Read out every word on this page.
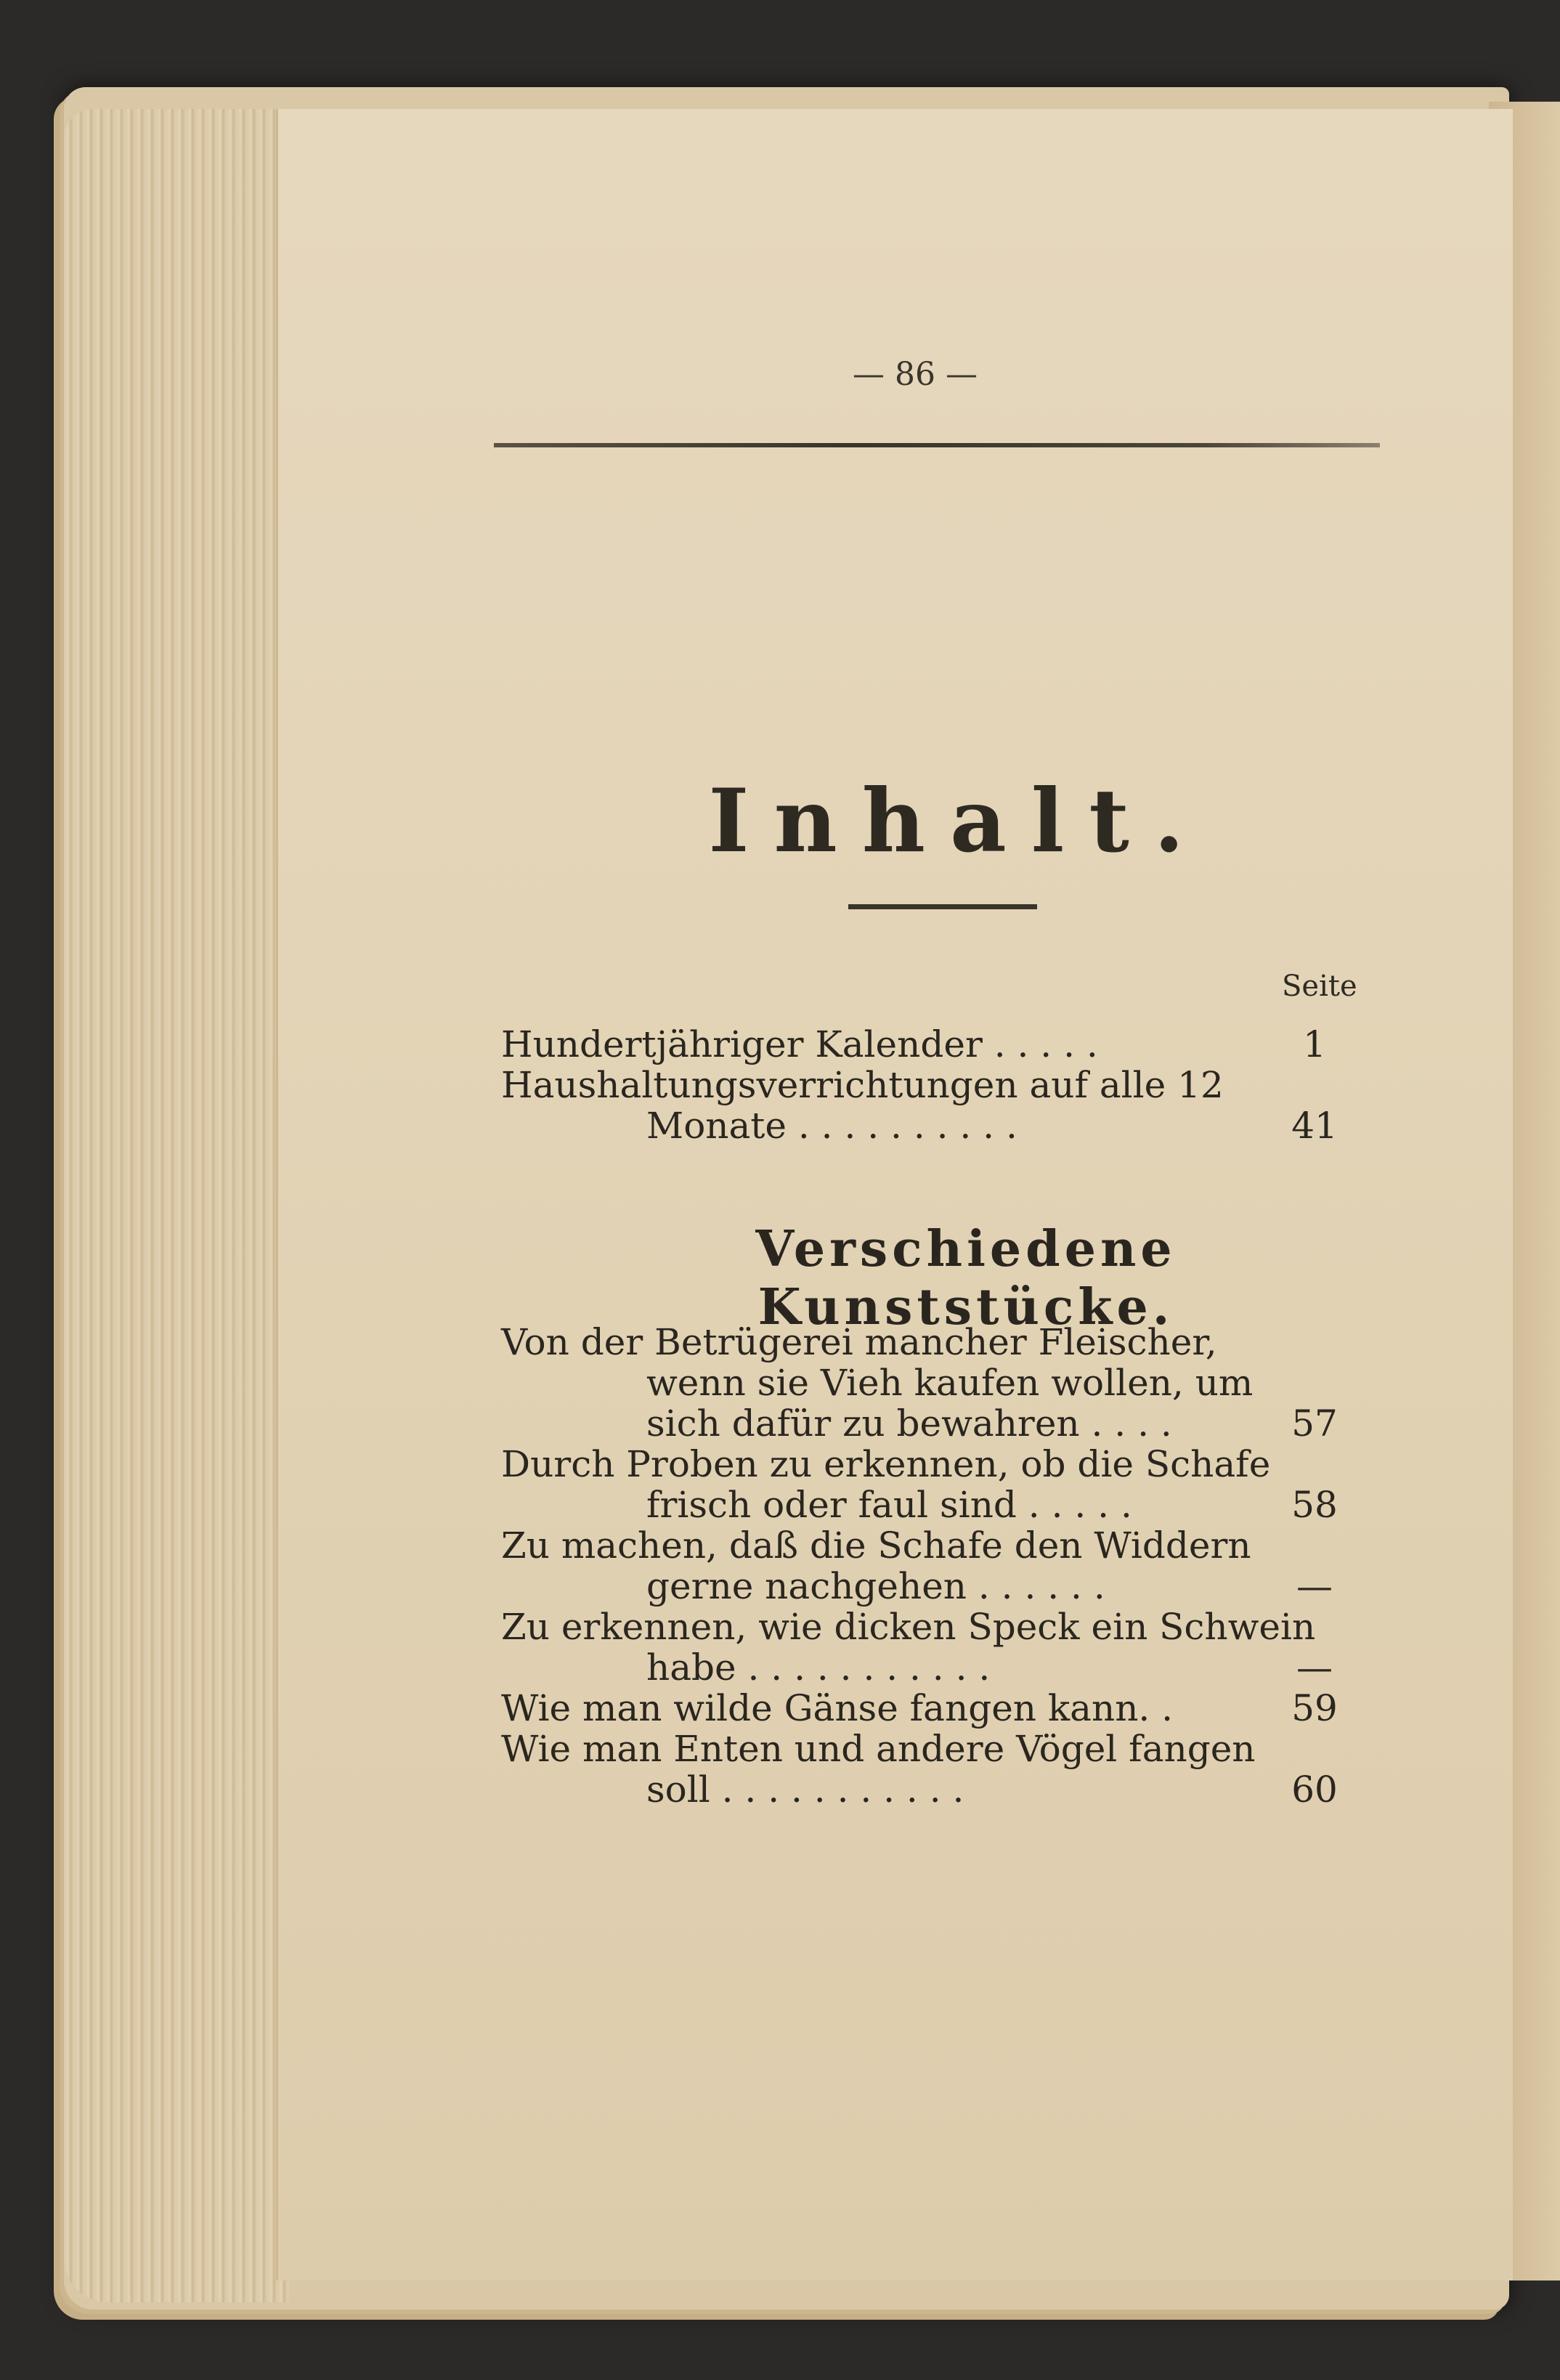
— 86 —
Inhalt.
Seite
Hundertjähriger Kalender . . . . .	1
Haushaltungsverrichtungen auf alle 12
Monate . . . . . . . . . .	41
Verschiedene Kunststücke.
Von der Betrügerei mancher Fleischer,
wenn sie Vieh kaufen wollen, um
sich dafür zu bewahren . . . .	57
Durch Proben zu erkennen, ob die Schafe
frisch oder faul sind . . . . .	58
Zu machen, daß die Schafe den Widdern
gerne nachgehen . . . . . .	—
Zu erkennen, wie dicken Speck ein Schwein
habe . . . . . . . . . . .	—
Wie man wilde Gänse fangen kann. .	59
Wie man Enten und andere Vögel fangen
soll . . . . . . . . . . .	60
